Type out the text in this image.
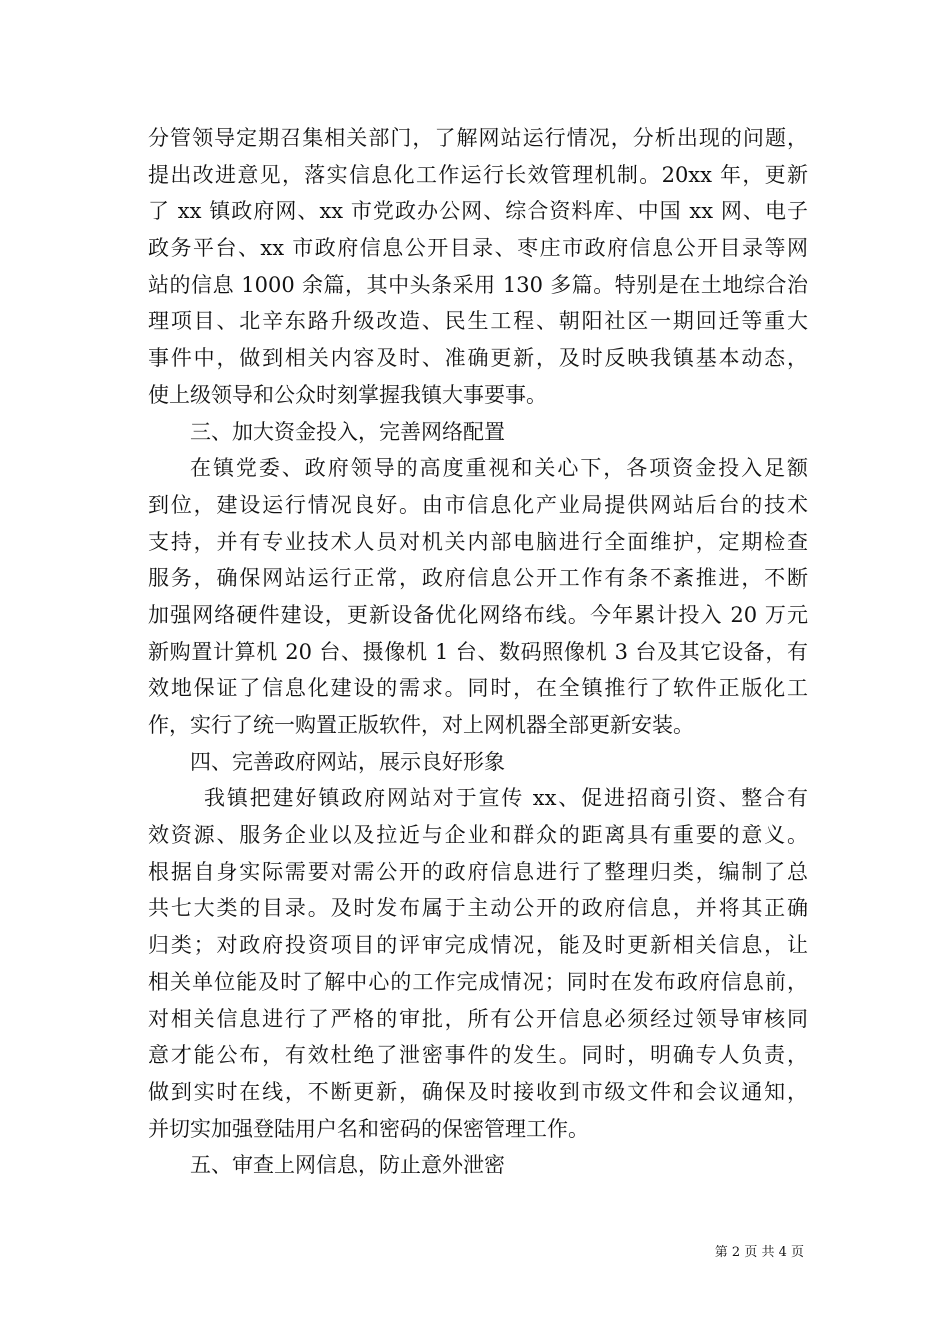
分管领导定期召集相关部门，了解网站运行情况，分析出现的问题，
提出改进意见，落实信息化工作运行长效管理机制。20xx 年，更新
了 xx 镇政府网、xx 市党政办公网、综合资料库、中国 xx 网、电子
政务平台、xx 市政府信息公开目录、枣庄市政府信息公开目录等网
站的信息 1000 余篇，其中头条采用 130 多篇。特别是在土地综合治
理项目、北辛东路升级改造、民生工程、朝阳社区一期回迁等重大
事件中，做到相关内容及时、准确更新，及时反映我镇基本动态，
使上级领导和公众时刻掌握我镇大事要事。
三、加大资金投入，完善网络配置
在镇党委、政府领导的高度重视和关心下，各项资金投入足额
到位，建设运行情况良好。由市信息化产业局提供网站后台的技术
支持，并有专业技术人员对机关内部电脑进行全面维护，定期检查
服务，确保网站运行正常，政府信息公开工作有条不紊推进，不断
加强网络硬件建设，更新设备优化网络布线。今年累计投入 20 万元
新购置计算机 20 台、摄像机 1 台、数码照像机 3 台及其它设备，有
效地保证了信息化建设的需求。同时，在全镇推行了软件正版化工
作，实行了统一购置正版软件，对上网机器全部更新安装。
四、完善政府网站，展示良好形象
我镇把建好镇政府网站对于宣传 xx、促进招商引资、整合有
效资源、服务企业以及拉近与企业和群众的距离具有重要的意义。
根据自身实际需要对需公开的政府信息进行了整理归类，编制了总
共七大类的目录。及时发布属于主动公开的政府信息，并将其正确
归类；对政府投资项目的评审完成情况，能及时更新相关信息，让
相关单位能及时了解中心的工作完成情况；同时在发布政府信息前，
对相关信息进行了严格的审批，所有公开信息必须经过领导审核同
意才能公布，有效杜绝了泄密事件的发生。同时，明确专人负责，
做到实时在线，不断更新，确保及时接收到市级文件和会议通知，
并切实加强登陆用户名和密码的保密管理工作。
五、审查上网信息，防止意外泄密
第 2 页 共 4 页
